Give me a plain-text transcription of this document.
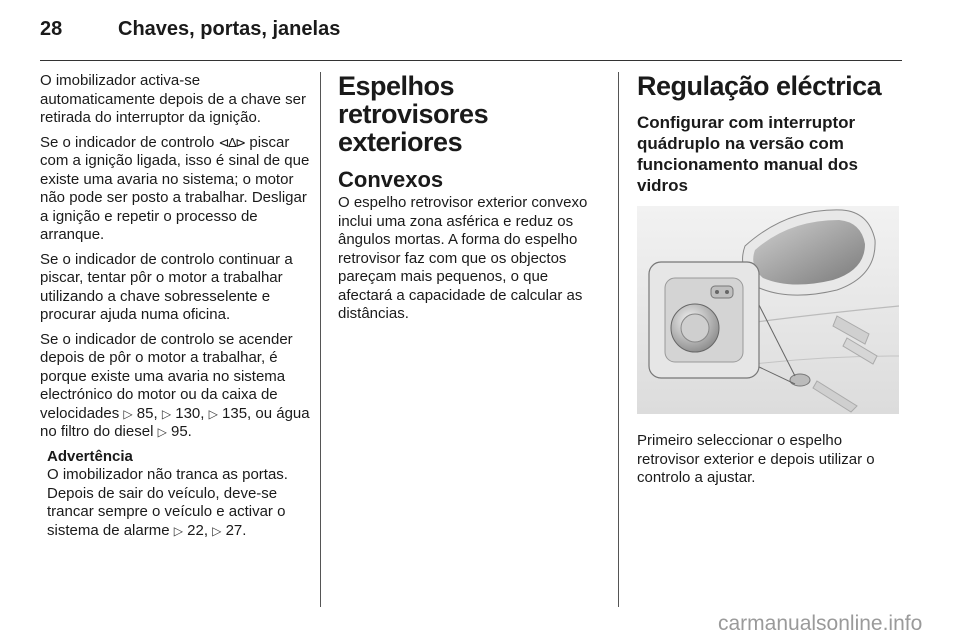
28	Chaves, portas, janelas

O imobilizador activa-se automaticamente depois de a chave ser retirada do interruptor da ignição.

Se o indicador de controlo ⊲∆⊳ piscar com a ignição ligada, isso é sinal de que existe uma avaria no sistema; o motor não pode ser posto a trabalhar. Desligar a ignição e repetir o processo de arranque.

Se o indicador de controlo continuar a piscar, tentar pôr o motor a trabalhar utilizando a chave sobresselente e procurar ajuda numa oficina.

Se o indicador de controlo se acender depois de pôr o motor a trabalhar, é porque existe uma avaria no sistema electrónico do motor ou da caixa de velocidades ▷ 85, ▷ 130, ▷ 135, ou água no filtro do diesel ▷ 95.

Advertência
O imobilizador não tranca as portas. Depois de sair do veículo, deve-se trancar sempre o veículo e activar o sistema de alarme ▷ 22, ▷ 27.
Espelhos retrovisores exteriores
Convexos

O espelho retrovisor exterior convexo inclui uma zona asférica e reduz os ângulos mortas. A forma do espelho retrovisor faz com que os objectos pareçam mais pequenos, o que afectará a capacidade de calcular as distâncias.

Regulação eléctrica
Configurar com interruptor quádruplo na versão com funcionamento manual dos vidros

Primeiro seleccionar o espelho retrovisor exterior e depois utilizar o controlo a ajustar.

carmanualsonline.info
